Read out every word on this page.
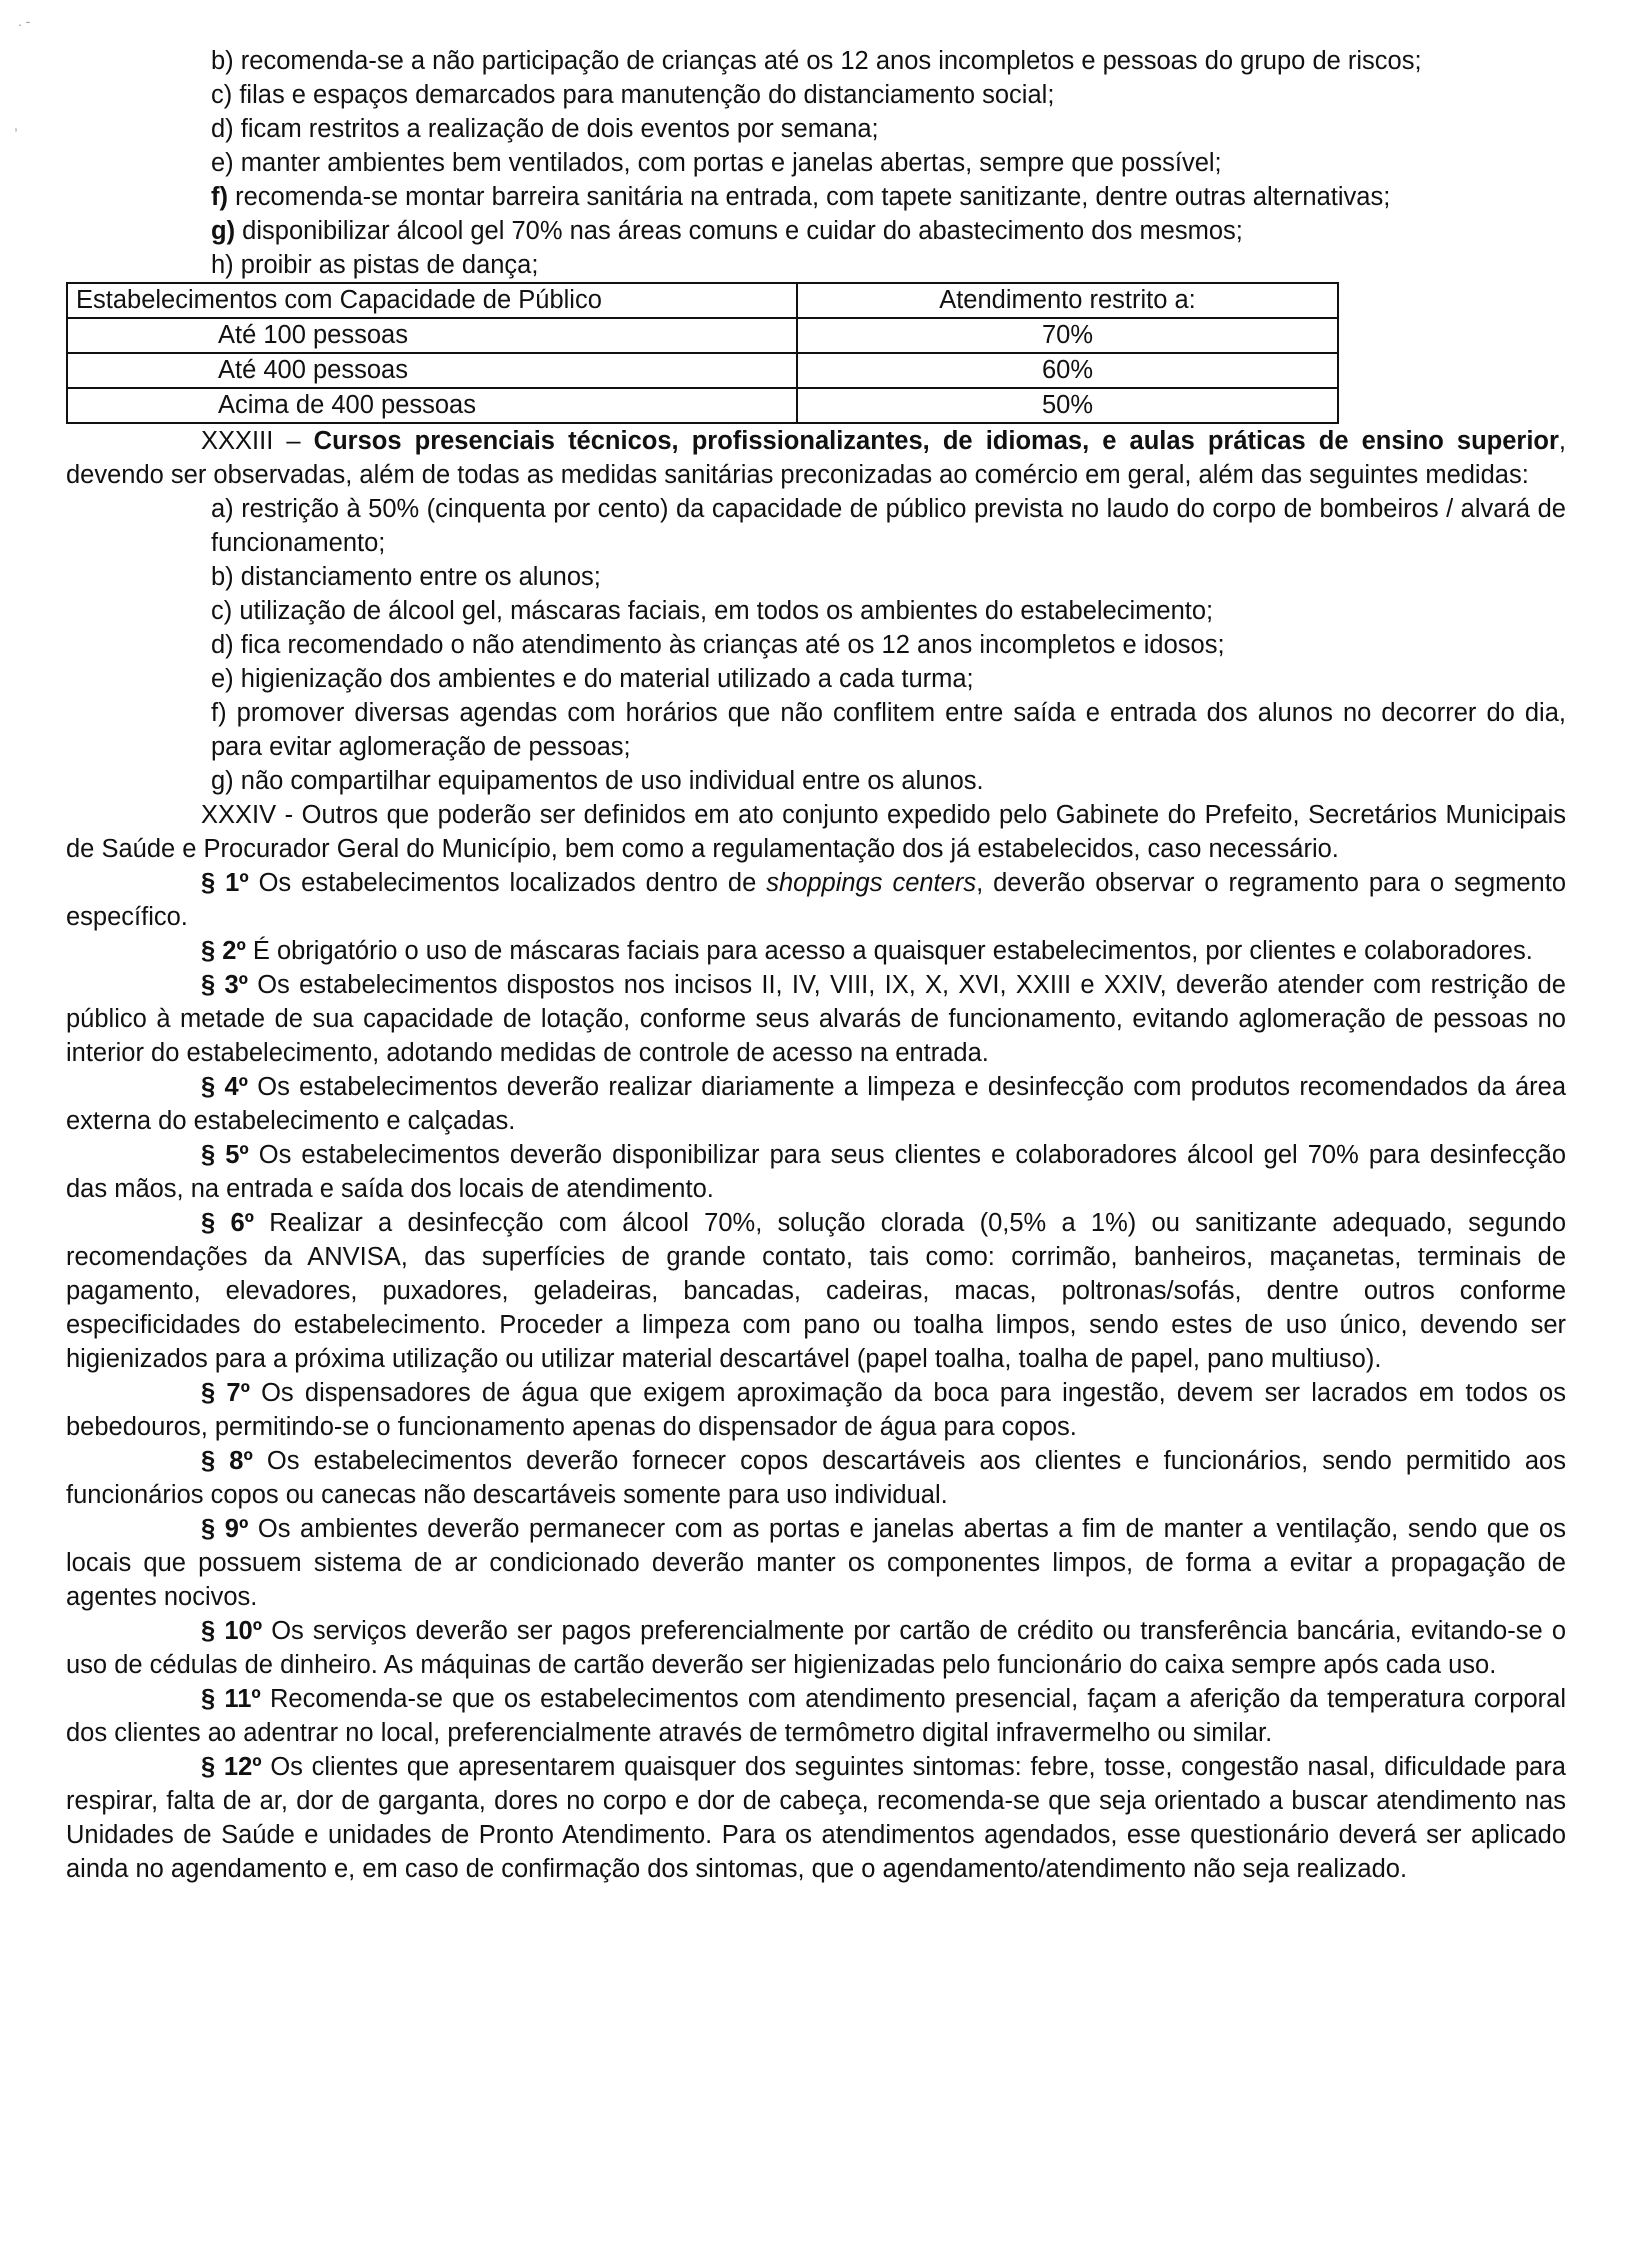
. -
,
b) recomenda-se a não participação de crianças até os 12 anos incompletos e pessoas do grupo de riscos;
c) filas e espaços demarcados para manutenção do distanciamento social;
d) ficam restritos a realização de dois eventos por semana;
e) manter ambientes bem ventilados, com portas e janelas abertas, sempre que possível;
f) recomenda-se montar barreira sanitária na entrada, com tapete sanitizante, dentre outras alternativas;
g) disponibilizar álcool gel 70% nas áreas comuns e cuidar do abastecimento dos mesmos;
h) proibir as pistas de dança;
Estabelecimentos com Capacidade de Público	Atendimento restrito a:
Até 100 pessoas	70%
Até 400 pessoas	60%
Acima de 400 pessoas	50%

XXXIII – Cursos presenciais técnicos, profissionalizantes, de idiomas, e aulas práticas de ensino superior, devendo ser observadas, além de todas as medidas sanitárias preconizadas ao comércio em geral, além das seguintes medidas:

a) restrição à 50% (cinquenta por cento) da capacidade de público prevista no laudo do corpo de bombeiros / alvará de funcionamento;
b) distanciamento entre os alunos;
c) utilização de álcool gel, máscaras faciais, em todos os ambientes do estabelecimento;
d) fica recomendado o não atendimento às crianças até os 12 anos incompletos e idosos;
e) higienização dos ambientes e do material utilizado a cada turma;
f) promover diversas agendas com horários que não conflitem entre saída e entrada dos alunos no decorrer do dia, para evitar aglomeração de pessoas;
g) não compartilhar equipamentos de uso individual entre os alunos.

XXXIV - Outros que poderão ser definidos em ato conjunto expedido pelo Gabinete do Prefeito, Secretários Municipais de Saúde e Procurador Geral do Município, bem como a regulamentação dos já estabelecidos, caso necessário.

§ 1º Os estabelecimentos localizados dentro de shoppings centers, deverão observar o regramento para o segmento específico.

§ 2º É obrigatório o uso de máscaras faciais para acesso a quaisquer estabelecimentos, por clientes e colaboradores.

§ 3º Os estabelecimentos dispostos nos incisos II, IV, VIII, IX, X, XVI, XXIII e XXIV, deverão atender com restrição de público à metade de sua capacidade de lotação, conforme seus alvarás de funcionamento, evitando aglomeração de pessoas no interior do estabelecimento, adotando medidas de controle de acesso na entrada.

§ 4º Os estabelecimentos deverão realizar diariamente a limpeza e desinfecção com produtos recomendados da área externa do estabelecimento e calçadas.

§ 5º Os estabelecimentos deverão disponibilizar para seus clientes e colaboradores álcool gel 70% para desinfecção das mãos, na entrada e saída dos locais de atendimento.

§ 6º Realizar a desinfecção com álcool 70%, solução clorada (0,5% a 1%) ou sanitizante adequado, segundo recomendações da ANVISA, das superfícies de grande contato, tais como: corrimão, banheiros, maçanetas, terminais de pagamento, elevadores, puxadores, geladeiras, bancadas, cadeiras, macas, poltronas/sofás, dentre outros conforme especificidades do estabelecimento. Proceder a limpeza com pano ou toalha limpos, sendo estes de uso único, devendo ser higienizados para a próxima utilização ou utilizar material descartável (papel toalha, toalha de papel, pano multiuso).

§ 7º Os dispensadores de água que exigem aproximação da boca para ingestão, devem ser lacrados em todos os bebedouros, permitindo-se o funcionamento apenas do dispensador de água para copos.

§ 8º Os estabelecimentos deverão fornecer copos descartáveis aos clientes e funcionários, sendo permitido aos funcionários copos ou canecas não descartáveis somente para uso individual.

§ 9º Os ambientes deverão permanecer com as portas e janelas abertas a fim de manter a ventilação, sendo que os locais que possuem sistema de ar condicionado deverão manter os componentes limpos, de forma a evitar a propagação de agentes nocivos.

§ 10º Os serviços deverão ser pagos preferencialmente por cartão de crédito ou transferência bancária, evitando-se o uso de cédulas de dinheiro. As máquinas de cartão deverão ser higienizadas pelo funcionário do caixa sempre após cada uso.

§ 11º Recomenda-se que os estabelecimentos com atendimento presencial, façam a aferição da temperatura corporal dos clientes ao adentrar no local, preferencialmente através de termômetro digital infravermelho ou similar.

§ 12º Os clientes que apresentarem quaisquer dos seguintes sintomas: febre, tosse, congestão nasal, dificuldade para respirar, falta de ar, dor de garganta, dores no corpo e dor de cabeça, recomenda-se que seja orientado a buscar atendimento nas Unidades de Saúde e unidades de Pronto Atendimento. Para os atendimentos agendados, esse questionário deverá ser aplicado ainda no agendamento e, em caso de confirmação dos sintomas, que o agendamento/atendimento não seja realizado.
